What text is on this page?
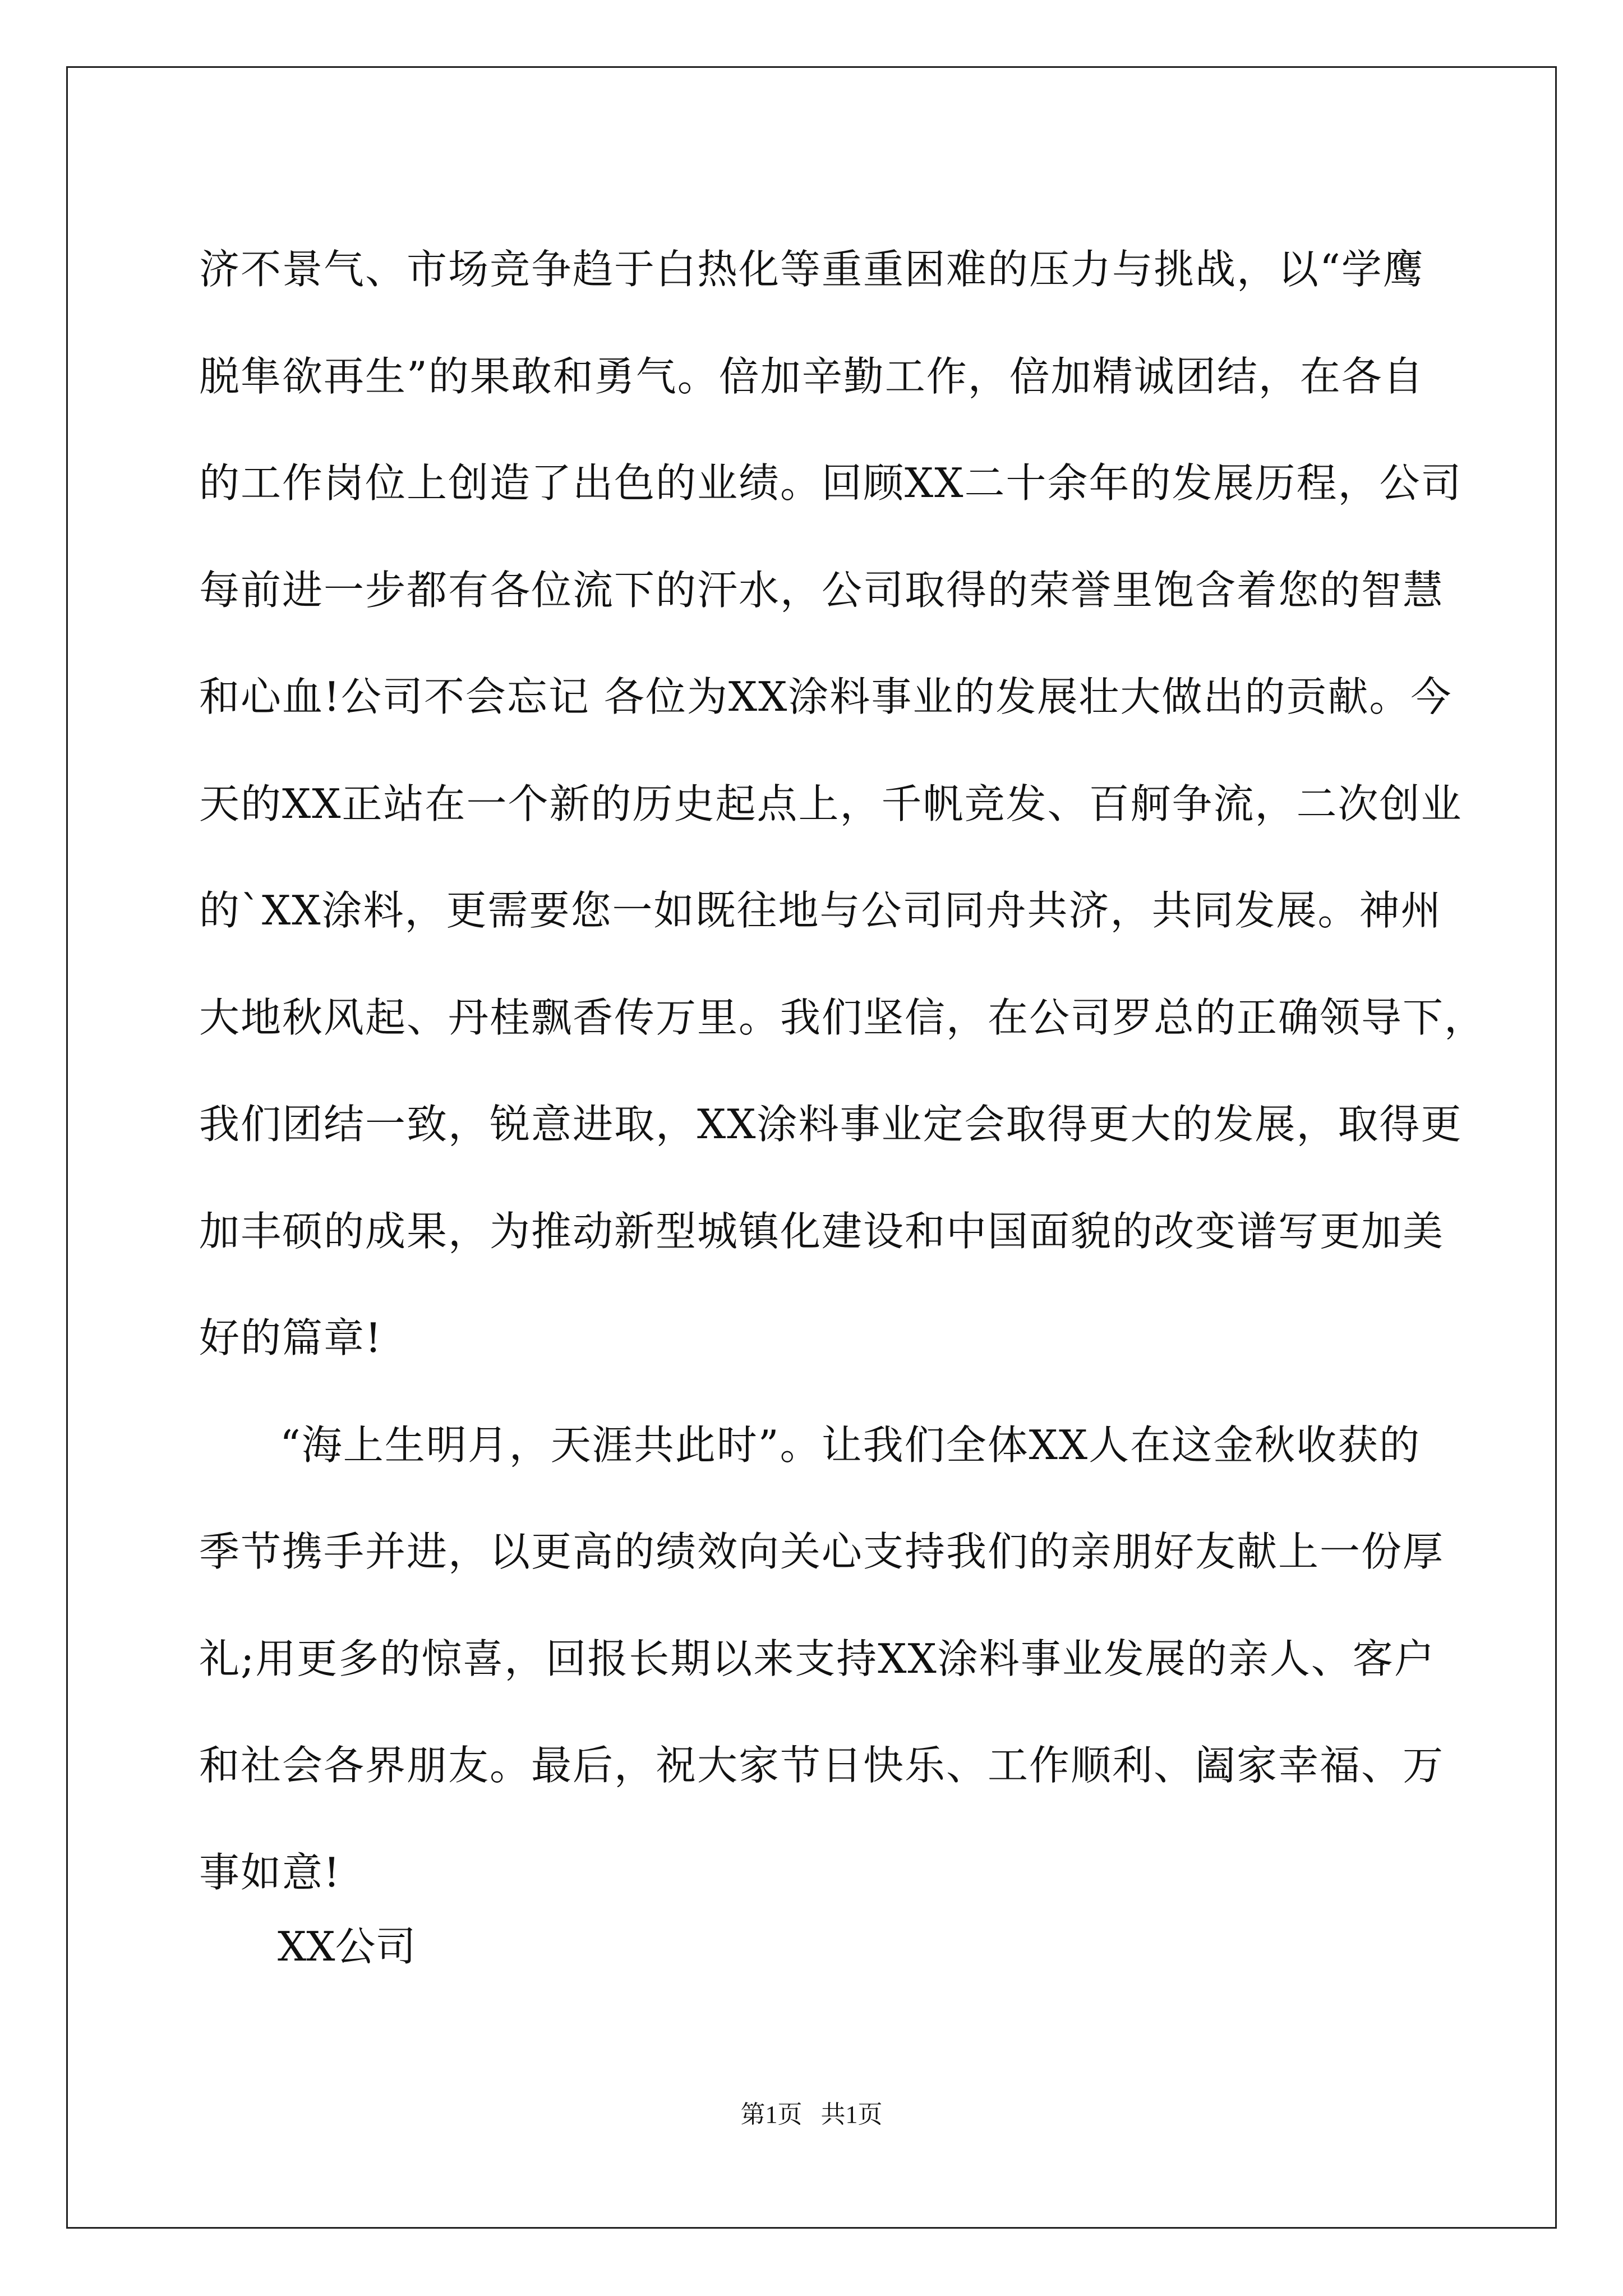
济不景气、市场竞争趋于白热化等重重困难的压力与挑战，以“学鹰
脱隼欲再生”的果敢和勇气。倍加辛勤工作，倍加精诚团结，在各自
的工作岗位上创造了出色的业绩。回顾XX二十余年的发展历程，公司
每前进一步都有各位流下的汗水，公司取得的荣誉里饱含着您的智慧
和心血!公司不会忘记 各位为XX涂料事业的发展壮大做出的贡献。今
天的XX正站在一个新的历史起点上，千帆竞发、百舸争流，二次创业
的`XX涂料，更需要您一如既往地与公司同舟共济，共同发展。神州
大地秋风起、丹桂飘香传万里。我们坚信，在公司罗总的正确领导下，
我们团结一致，锐意进取，XX涂料事业定会取得更大的发展，取得更
加丰硕的成果，为推动新型城镇化建设和中国面貌的改变谱写更加美
好的篇章!
“海上生明月，天涯共此时”。让我们全体XX人在这金秋收获的
季节携手并进，以更高的绩效向关心支持我们的亲朋好友献上一份厚
礼;用更多的惊喜，回报长期以来支持XX涂料事业发展的亲人、客户
和社会各界朋友。最后，祝大家节日快乐、工作顺利、阖家幸福、万
事如意!
XX公司
第1页   共1页
